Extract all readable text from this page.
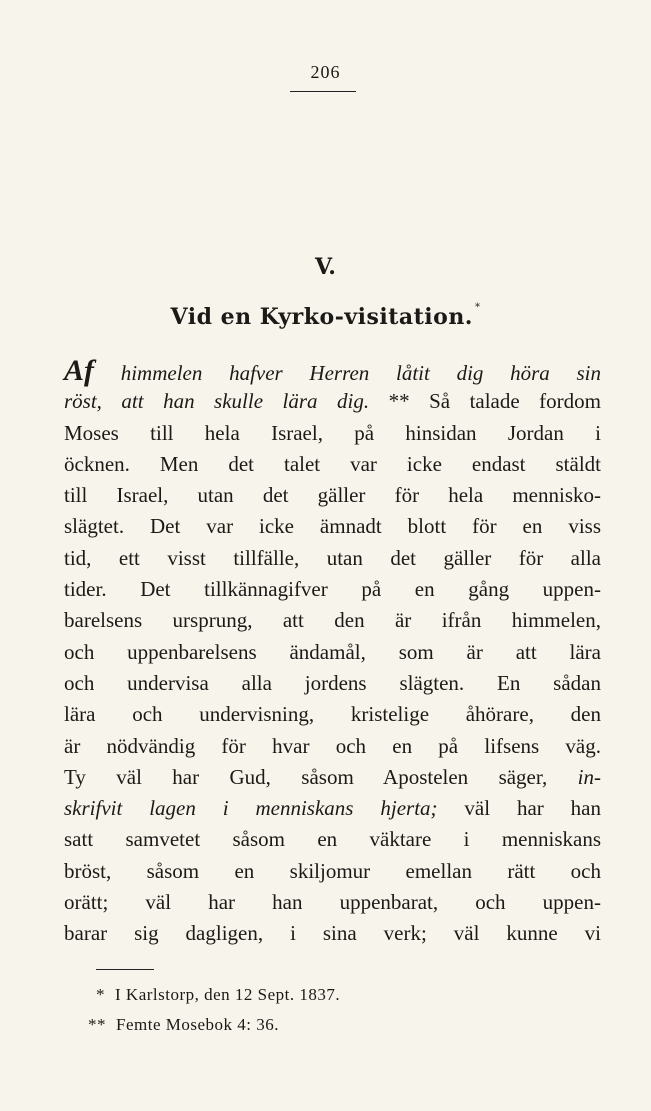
206
V.
Vid en Kyrko-visitation. *
Af himmelen hafver Herren låtit dig höra sin
röst, att han skulle lära dig. ** Så talade fordom
Moses till hela Israel, på hinsidan Jordan i
öcknen. Men det talet var icke endast stäldt
till Israel, utan det gäller för hela mennisko-
slägtet. Det var icke ämnadt blott för en viss
tid, ett visst tillfälle, utan det gäller för alla
tider. Det tillkännagifver på en gång uppen-
barelsens ursprung, att den är ifrån himmelen,
och uppenbarelsens ändamål, som är att lära
och undervisa alla jordens slägten. En sådan
lära och undervisning, kristelige åhörare, den
är nödvändig för hvar och en på lifsens väg.
Ty väl har Gud, såsom Apostelen säger, in-
skrifvit lagen i menniskans hjerta; väl har han
satt samvetet såsom en väktare i menniskans
bröst, såsom en skiljomur emellan rätt och
orätt; väl har han uppenbarat, och uppen-
barar sig dagligen, i sina verk; väl kunne vi
* I Karlstorp, den 12 Sept. 1837.
** Femte Mosebok 4: 36.
